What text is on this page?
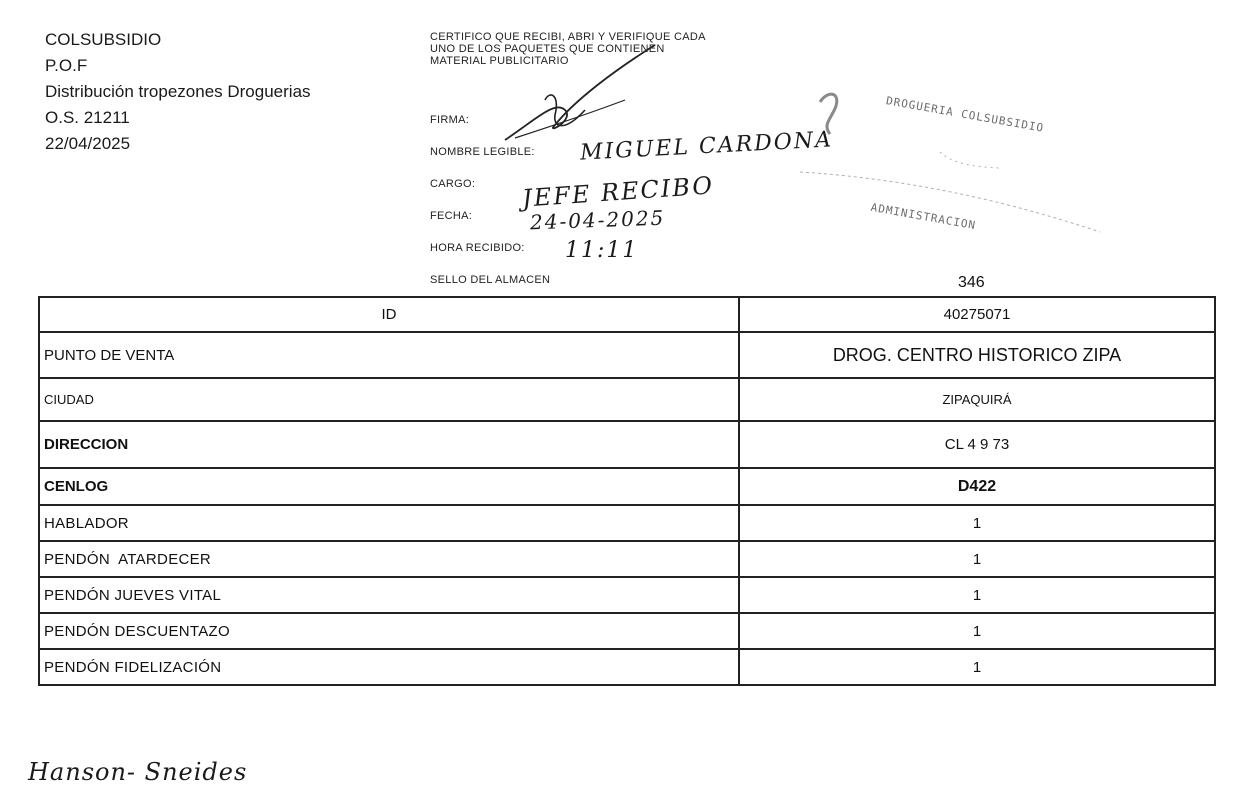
COLSUBSIDIO
P.O.F
Distribución tropezones Droguerias
O.S. 21211
22/04/2025
CERTIFICO QUE RECIBI, ABRI Y VERIFIQUE CADA UNO DE LOS PAQUETES QUE CONTIENEN MATERIAL PUBLICITARIO
FIRMA:
NOMBRE LEGIBLE:
CARGO:
FECHA:
HORA RECIBIDO:
SELLO DEL ALMACEN
MIGUEL CARDONA
JEFE RECIBO
24-04-2025
11:11
DROGUERIA COLSUBSIDIO
ADMINISTRACION
346
ID	40275071
PUNTO DE VENTA	DROG. CENTRO HISTORICO ZIPA
CIUDAD	ZIPAQUIRÁ
DIRECCION	CL 4 9 73
CENLOG	D422
HABLADOR	1
PENDÓN  ATARDECER	1
PENDÓN JUEVES VITAL	1
PENDÓN DESCUENTAZO	1
PENDÓN FIDELIZACIÓN	1
Hanson- Sneides
